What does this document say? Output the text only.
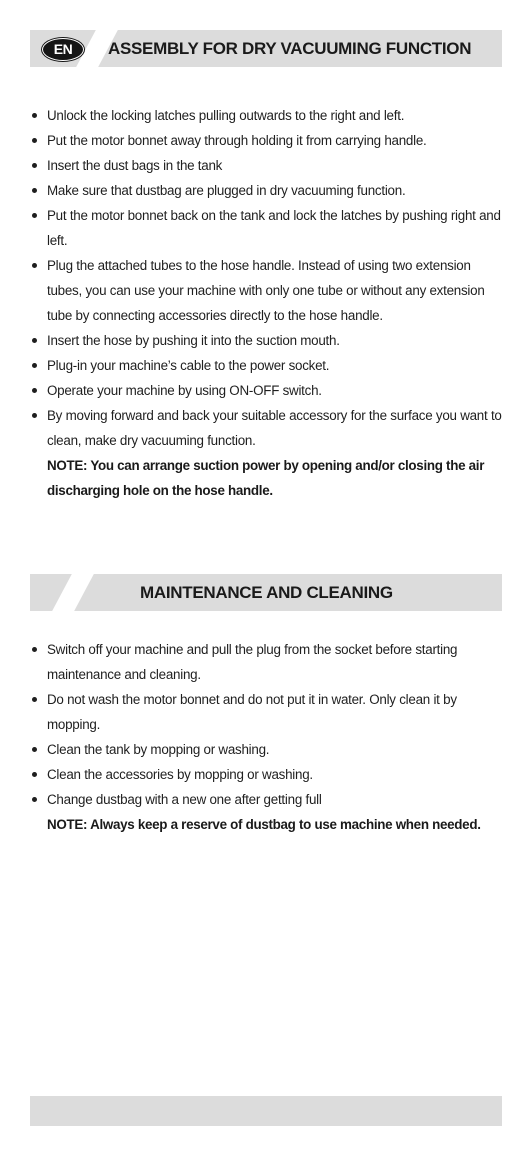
EN	ASSEMBLY FOR DRY VACUUMING FUNCTION
Unlock the locking latches pulling outwards to the right and left.
Put the motor bonnet away through holding it from carrying handle.
Insert the dust bags in the tank
Make sure that dustbag are plugged in dry vacuuming function.
Put the motor bonnet back on the tank and lock the latches by pushing right and left.
Plug the attached tubes to the hose handle. Instead of using two extension tubes, you can use your machine with only one tube or without any extension tube by connecting accessories directly to the hose handle.
Insert the hose by pushing it into the suction mouth.
Plug-in your machine’s cable to the power socket.
Operate your machine by using ON-OFF switch.
By moving forward and back your suitable accessory for the surface you want to clean, make dry vacuuming function.
NOTE: You can arrange suction power by opening and/or closing the air discharging hole on the hose handle.
MAINTENANCE AND CLEANING
Switch off your machine and pull the plug from the socket before starting maintenance and cleaning.
Do not wash the motor bonnet and do not put it in water. Only clean it by mopping.
Clean the tank by mopping or washing.
Clean the accessories by mopping or washing.
Change dustbag with a new one after getting full
NOTE: Always keep a reserve of dustbag to use machine when needed.
